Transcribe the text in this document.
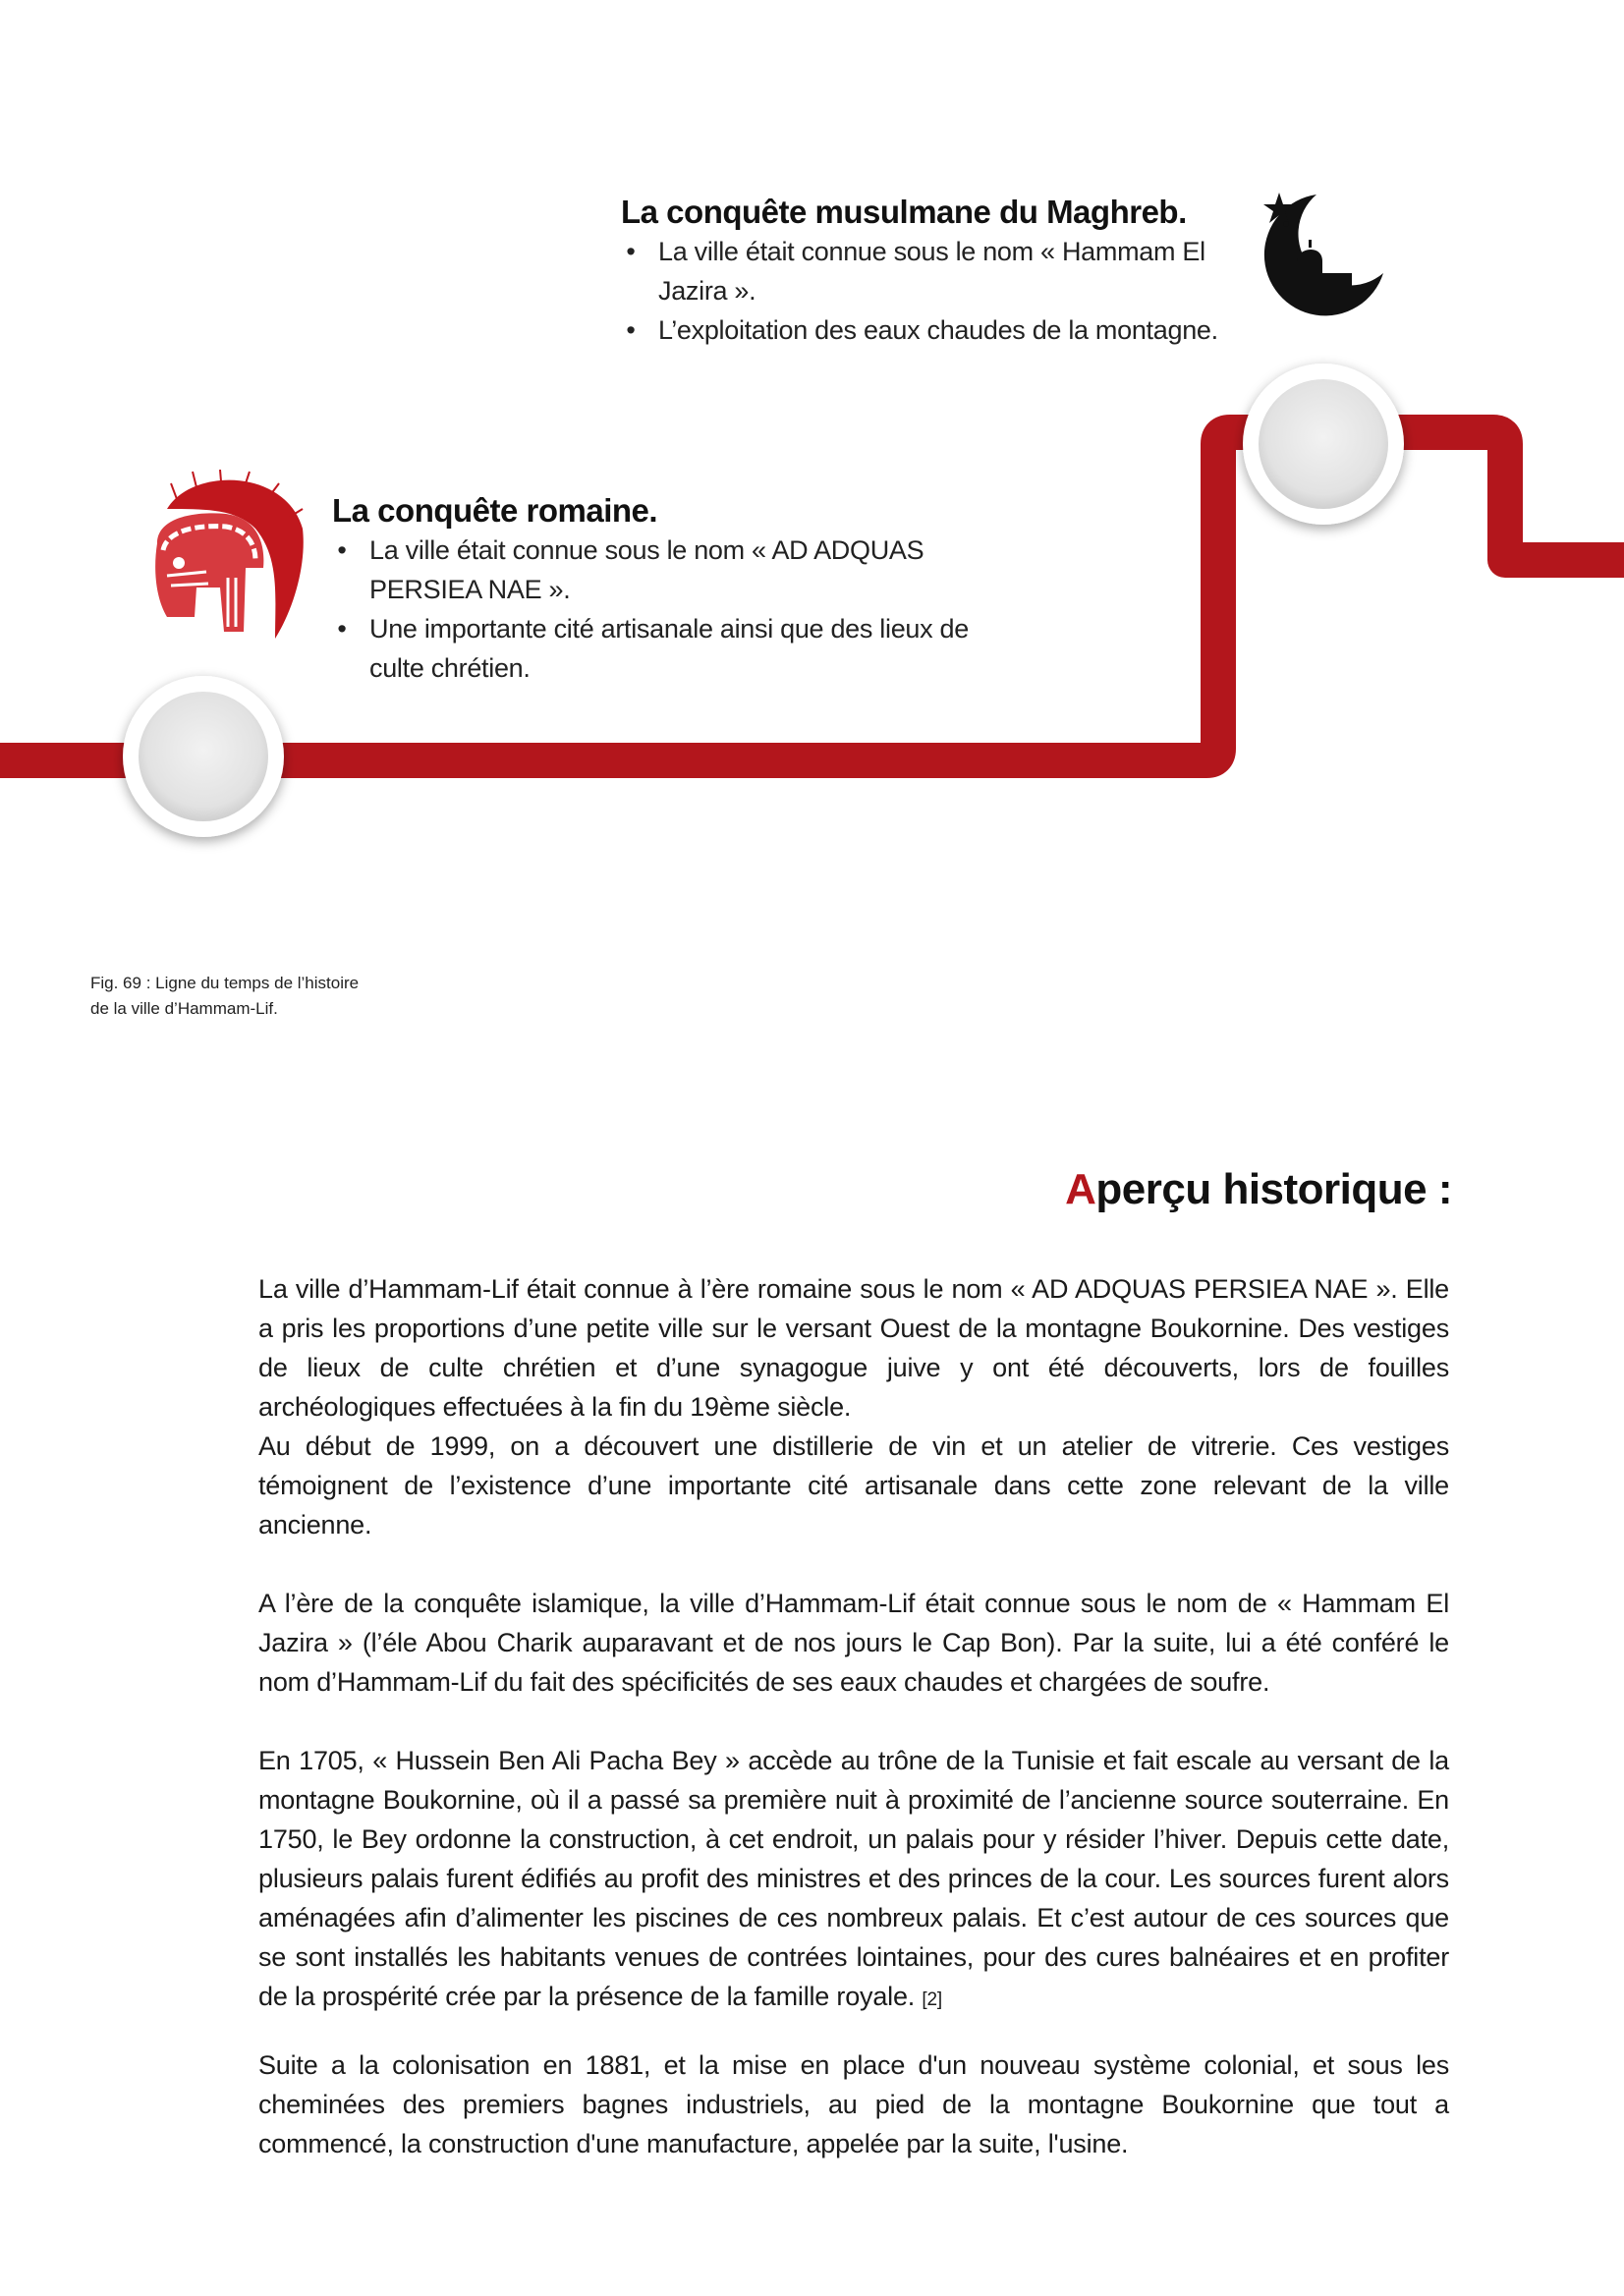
La conquête musulmane du Maghreb.
• La ville était connue sous le nom « Hammam El Jazira ».
• L’exploitation des eaux chaudes de la montagne.
La conquête romaine.
• La ville était connue sous le nom « AD ADQUAS PERSIEA NAE ».
• Une importante cité artisanale ainsi que des lieux de culte chrétien.
Fig. 69 : Ligne du temps de l’histoire
de la ville d’Hammam-Lif.
Aperçu historique :

La ville d’Hammam-Lif était connue à l’ère romaine sous le nom « AD ADQUAS PERSIEA NAE ». Elle a pris les proportions d’une petite ville sur le versant Ouest de la montagne Boukornine. Des vestiges de lieux de culte chrétien et d’une synagogue juive y ont été découverts, lors de fouilles archéologiques effectuées à la fin du 19ème siècle.

Au début de 1999, on a découvert une distillerie de vin et un atelier de vitrerie. Ces vestiges témoignent de l’existence d’une importante cité artisanale dans cette zone relevant de la ville ancienne.

A l’ère de la conquête islamique, la ville d’Hammam-Lif était connue sous le nom de « Hammam El Jazira » (l’éle Abou Charik auparavant et de nos jours le Cap Bon). Par la suite, lui a été conféré le nom d’Hammam-Lif du fait des spécificités de ses eaux chaudes et chargées de soufre.

En 1705, « Hussein Ben Ali Pacha Bey » accède au trône de la Tunisie et fait escale au versant de la montagne Boukornine, où il a passé sa première nuit à proximité de l’ancienne source souterraine. En 1750, le Bey ordonne la construction, à cet endroit, un palais pour y résider l’hiver. Depuis cette date, plusieurs palais furent édifiés au profit des ministres et des princes de la cour. Les sources furent alors aménagées afin d’alimenter les piscines de ces nombreux palais. Et c’est autour de ces sources que se sont installés les habitants venues de contrées lointaines, pour des cures balnéaires et en profiter de la prospérité crée par la présence de la famille royale. [2]

Suite a la colonisation en 1881, et la mise en place d'un nouveau système colonial, et sous les cheminées des premiers bagnes industriels, au pied de la montagne Boukornine que tout a commencé, la construction d'une manufacture, appelée par la suite, l'usine.
